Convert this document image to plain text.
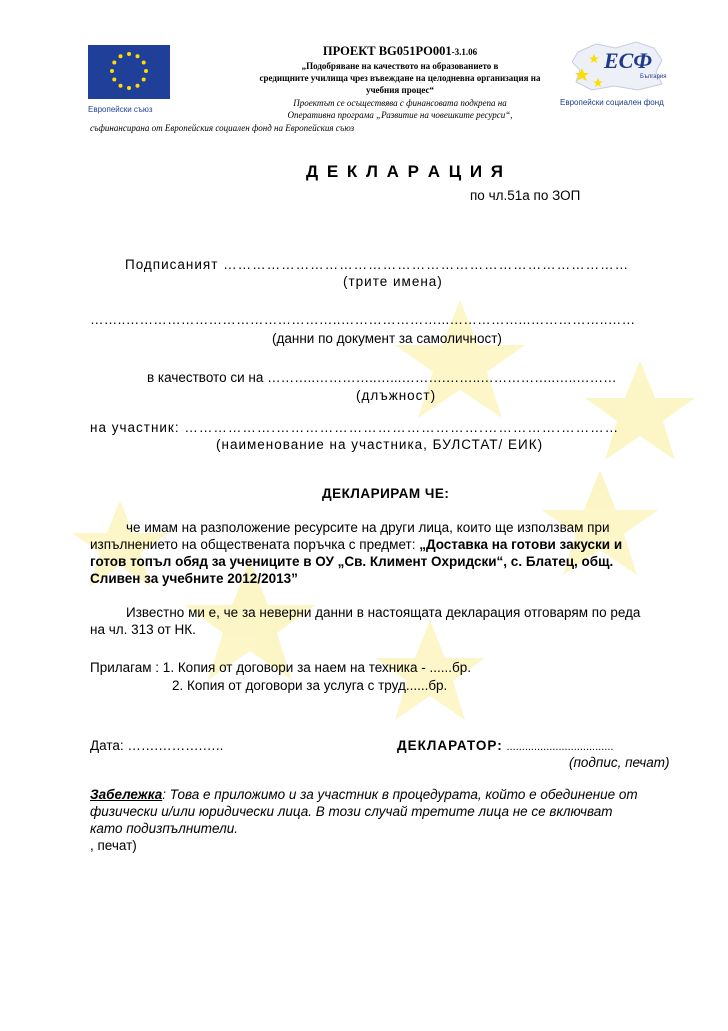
Европейски съюз
ЕСФ
България
Европейски социален фонд
ПРОЕКТ BG051PO001-3.1.06
„Подобряване на качеството на образованието в
средищните училища чрез въвеждане на целодневна организация на
учебния процес“
Проектът се осъществява с финансовата подкрепа на
Оперативна програма „Развитие на човешките ресурси“,
съфинансирана от Европейския социален фонд на Европейския съюз
Д Е К Л А Р А Ц И Я
по чл.51а по ЗОП
Подписаният …………………………………………………………………………
(трите имена)
……..………………………………………..…………………...……………...……………..……
(данни по документ за самоличност)
в качеството си на ………..…………..…...……….……..……………..…..………
(длъжност)
на участник: ……………….…………………………………….…………….…………
(наименование на участника, БУЛСТАТ/ ЕИК)
ДЕКЛАРИРАМ ЧЕ:
че имам на разположение ресурсите на други лица, които ще използвам при
изпълнението на обществената поръчка с предмет: „Доставка на готови закуски и
готов топъл обяд за учениците в ОУ „Св. Климент Охридски“, с. Блатец, общ.
Сливен за учебните 2012/2013”
Известно ми е, че за неверни данни в настоящата декларация отговарям по реда
на чл. 313 от НК.
Прилагам : 1. Копия от договори за наем на техника - ......бр.
2. Копия от договори за услуга с труд......бр.
Дата: …….……….…..	ДЕКЛАРАТОР: ...................................
(подпис, печат)
Забележка: Това е приложимо и за участник в процедурата, който е обединение от
физически и/или юридически лица. В този случай третите лица не се включват
като подизпълнители.
, печат)
